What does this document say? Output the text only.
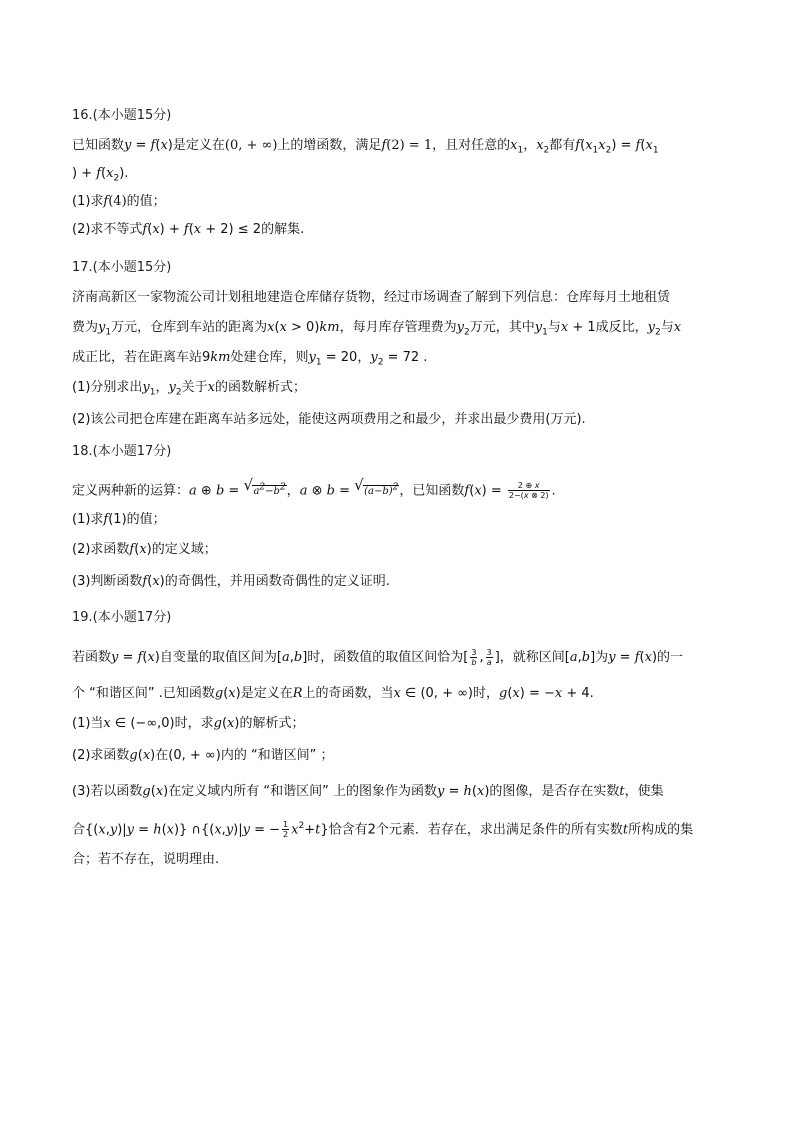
16.(本小题15分)
已知函数y = f(x)是定义在(0, + ∞)上的增函数，满足f(2) = 1，且对任意的$x_1$，$x_2$都有$f(x_1x_2) = f(x_1$
) + $f(x_2)$.
(1)求f(4)的值；
(2)求不等式f(x) + f(x + 2) ≤ 2的解集.
17.(本小题15分)
济南高新区一家物流公司计划租地建造仓库储存货物，经过市场调查了解到下列信息：仓库每月土地租赁
费为$y_1$万元，仓库到车站的距离为x(x > 0)km，每月库存管理费为$y_2$万元，其中$y_1$与x + 1成反比，$y_2$与x
成正比，若在距离车站9km处建仓库，则$y_1 = 20$，$y_2 = 72$ .
(1)分别求出$y_1$，$y_2$关于x的函数解析式；
(2)该公司把仓库建在距离车站多远处，能使这两项费用之和最少，并求出最少费用(万元).
18.(本小题17分)
定义两种新的运算：a ⊕ b = √ $a^2-b^2$，a ⊗ b = √ $(a-b)^2$，已知函数$f(x) = \frac{2 \oplus x}{2-(x \otimes 2)}$ .
(1)求f(1)的值；
(2)求函数f(x)的定义域；
(3)判断函数f(x)的奇偶性，并用函数奇偶性的定义证明.
19.(本小题17分)
若函数y = f(x)自变量的取值区间为[a,b]时，函数值的取值区间恰为[ $\frac{3}{b}$ , $\frac{3}{a}$ ]，就称区间[a,b]为y = f(x)的一
个 “和谐区间” .已知函数g(x)是定义在R上的奇函数，当x ∈ (0, + ∞)时，g(x) = −x + 4.
(1)当x ∈ (−∞,0)时，求g(x)的解析式；
(2)求函数g(x)在(0, + ∞)内的 “和谐区间” ；
(3)若以函数g(x)在定义域内所有 “和谐区间” 上的图象作为函数y = h(x)的图像，是否存在实数t，使集
合{(x,y)|y = h(x)} ∩{(x,y)|y = − $\frac{1}{2} x^2+t$}恰含有2个元素．若存在，求出满足条件的所有实数t所构成的集
合；若不存在，说明理由.
